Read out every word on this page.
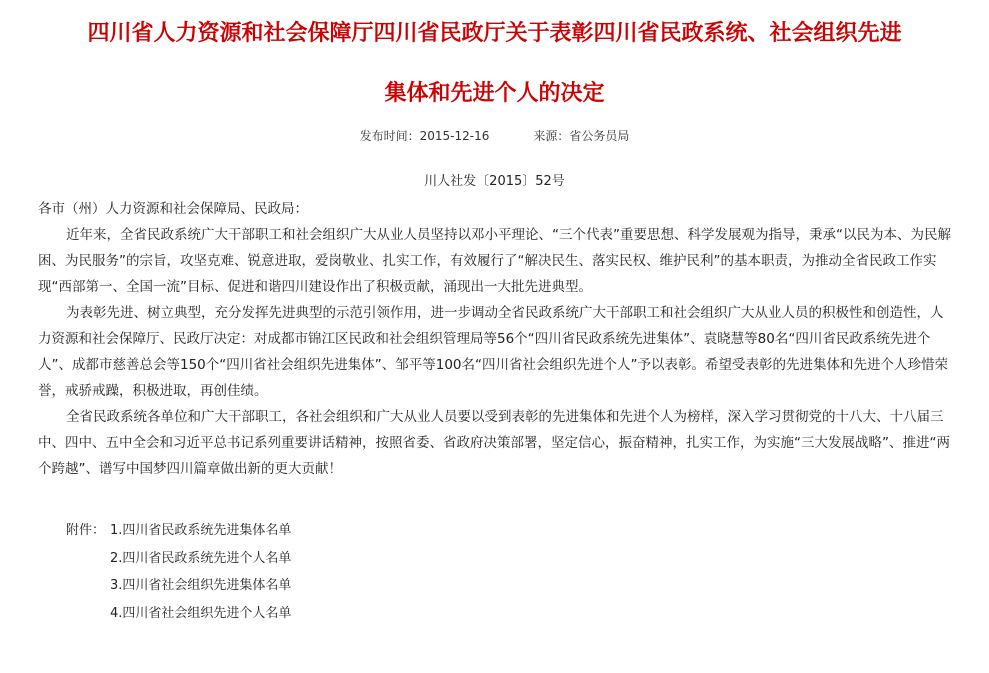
四川省人力资源和社会保障厅四川省民政厅关于表彰四川省民政系统、社会组织先进
集体和先进个人的决定
发布时间：2015-12-16	来源：省公务员局
川人社发〔2015〕52号

各市（州）人力资源和社会保障局、民政局：

近年来，全省民政系统广大干部职工和社会组织广大从业人员坚持以邓小平理论、“三个代表”重要思想、科学发展观为指导，秉承“以民为本、为民解困、为民服务”的宗旨，攻坚克难、锐意进取，爱岗敬业、扎实工作，有效履行了“解决民生、落实民权、维护民利”的基本职责，为推动全省民政工作实现“西部第一、全国一流”目标、促进和谐四川建设作出了积极贡献，涌现出一大批先进典型。

为表彰先进、树立典型，充分发挥先进典型的示范引领作用，进一步调动全省民政系统广大干部职工和社会组织广大从业人员的积极性和创造性，人力资源和社会保障厅、民政厅决定：对成都市锦江区民政和社会组织管理局等56个“四川省民政系统先进集体”、袁晓慧等80名“四川省民政系统先进个人”、成都市慈善总会等150个“四川省社会组织先进集体”、邹平等100名“四川省社会组织先进个人”予以表彰。希望受表彰的先进集体和先进个人珍惜荣誉，戒骄戒躁，积极进取，再创佳绩。

全省民政系统各单位和广大干部职工，各社会组织和广大从业人员要以受到表彰的先进集体和先进个人为榜样，深入学习贯彻党的十八大、十八届三中、四中、五中全会和习近平总书记系列重要讲话精神，按照省委、省政府决策部署，坚定信心，振奋精神，扎实工作，为实施“三大发展战略”、推进“两个跨越”、谱写中国梦四川篇章做出新的更大贡献！

附件： 1.四川省民政系统先进集体名单
2.四川省民政系统先进个人名单
3.四川省社会组织先进集体名单
4.四川省社会组织先进个人名单
